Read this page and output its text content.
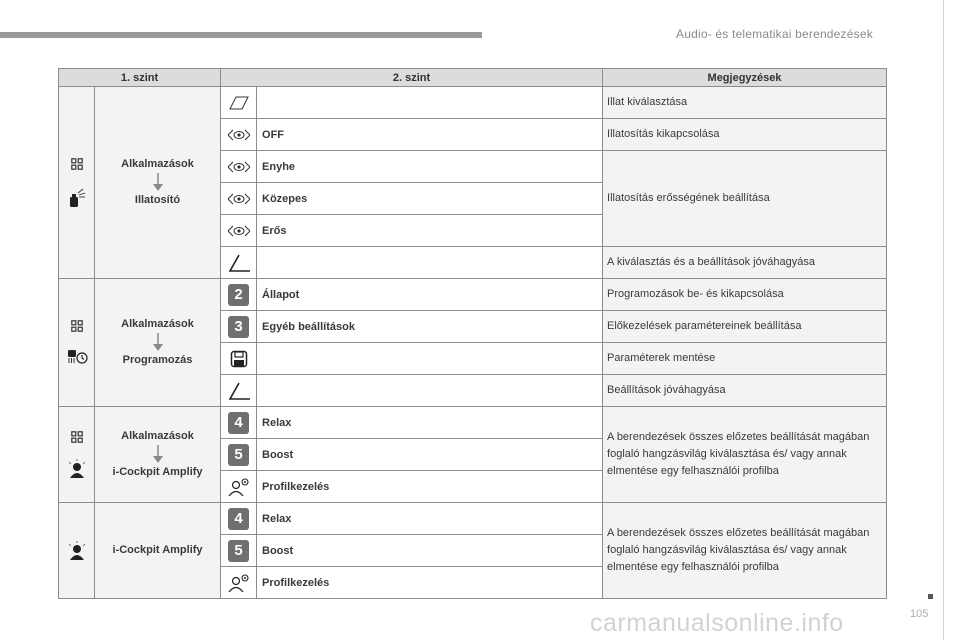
Audio- és telematikai berendezések
1. szint		2. szint		Megjegyzések

Alkalmazások
Illatosító			Illat kiválasztása

	OFF	Illatosítás kikapcsolása

	Enyhe	Illatosítás erősségének beállítása

	Közepes	

	Erős	

		A kiválasztás és a beállítások jóváhagyása

Alkalmazások
Programozás	2	Állapot	Programozások be- és kikapcsolása
		3	Egyéb beállítások	Előkezelések paramétereinek beállítása

		Paraméterek mentése

		Beállítások jóváhagyása

Alkalmazások
i-Cockpit Amplify	4	Relax	A berendezések összes előzetes beállítását magában foglaló hangzásvilág kiválasztása és/ vagy annak elmentése egy felhasználói profilba
		5	Boost	

	Profilkezelés	

i-Cockpit Amplify	4	Relax	A berendezések összes előzetes beállítását magában foglaló hangzásvilág kiválasztása és/ vagy annak elmentése egy felhasználói profilba
		5	Boost	

	Profilkezelés	
105
carmanualsonline.info
